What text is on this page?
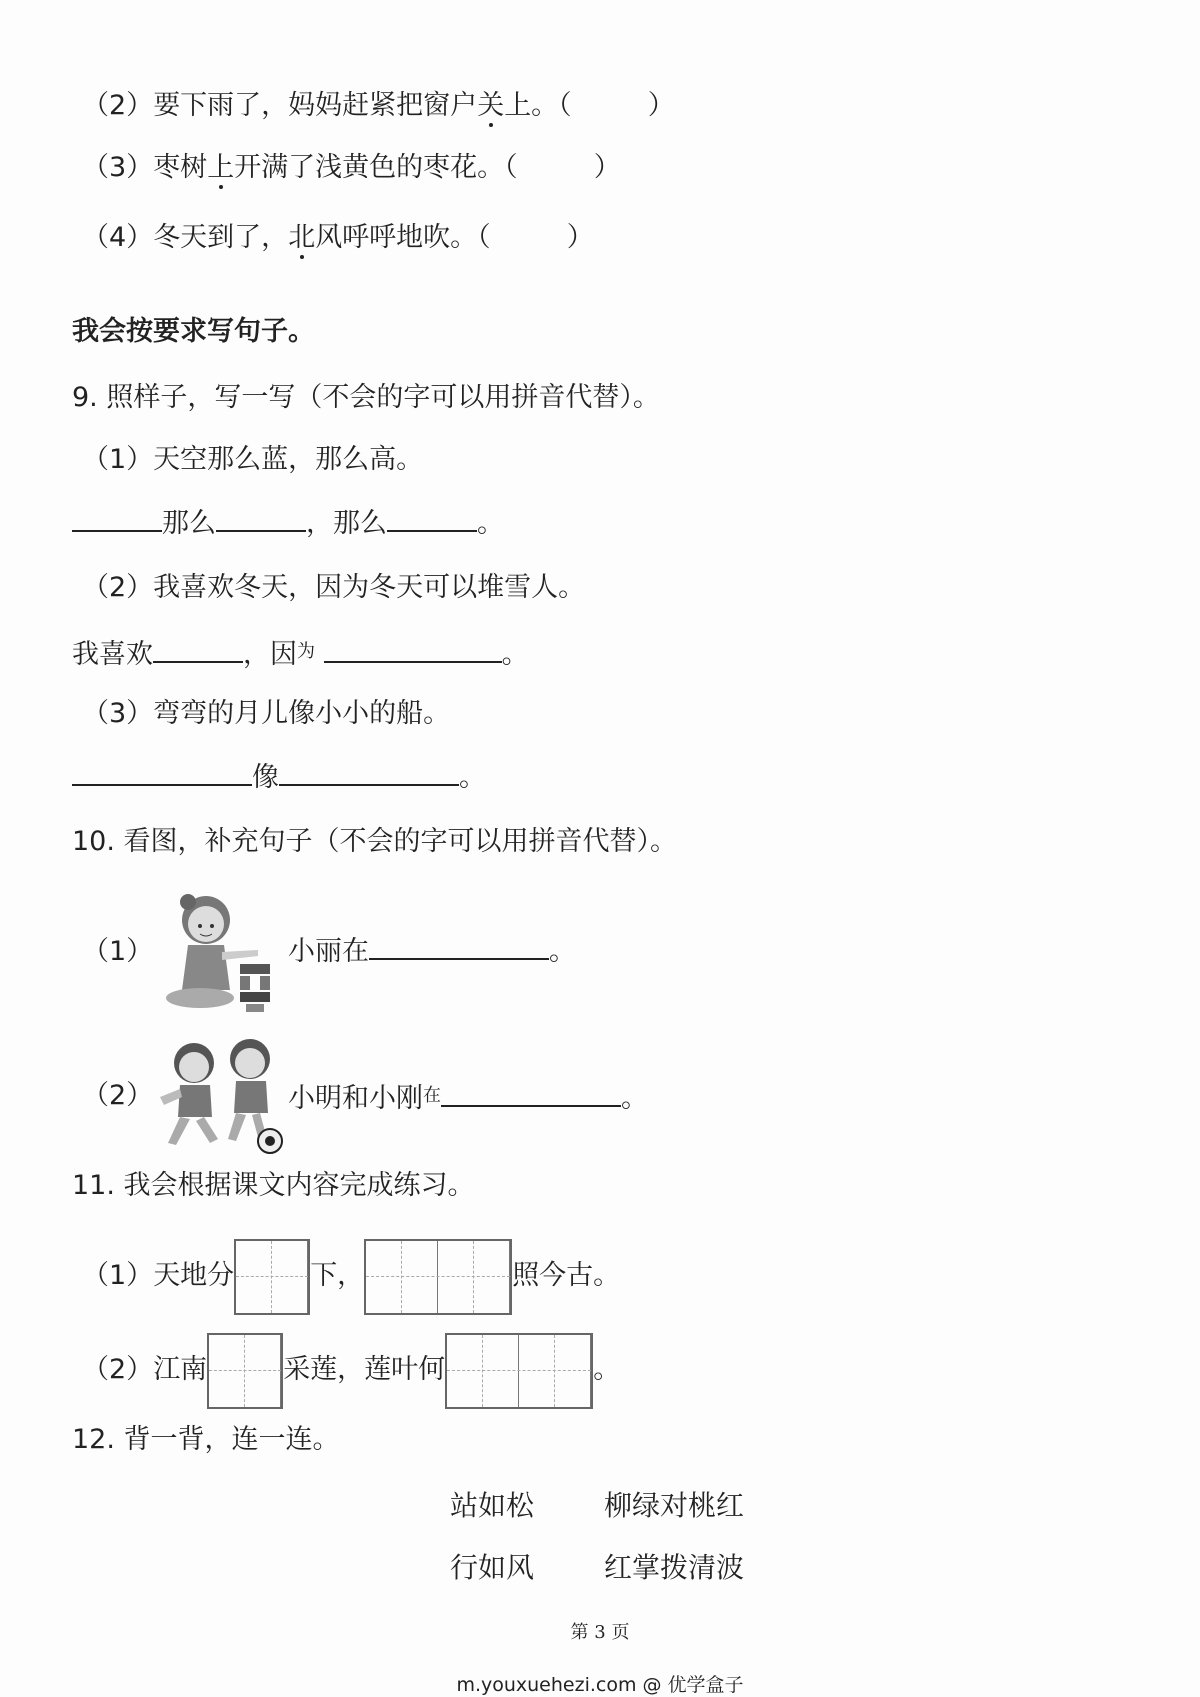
（2）要下雨了，妈妈赶紧把窗户关上。（	）
（3）枣树上开满了浅黄色的枣花。（	）
（4）冬天到了，北风呼呼地吹。（	）
我会按要求写句子。
9. 照样子，写一写（不会的字可以用拼音代替）。
（1）天空那么蓝，那么高。
那么	，那么	。
（2）我喜欢冬天，因为冬天可以堆雪人。
我喜欢	，因$^为$	。
（3）弯弯的月儿像小小的船。
像	。
10. 看图，补充句子（不会的字可以用拼音代替）。
（1）	小丽在	。
（2）	小明和小刚$^在$	。
11. 我会根据课文内容完成练习。
（1）天地分	下，	照今古。
（2）江南	采莲，莲叶何	。
12. 背一背，连一连。
站如松 柳绿对桃红
行如风 红掌拨清波
第 3 页
m.youxuehezi.com @ 优学盒子
